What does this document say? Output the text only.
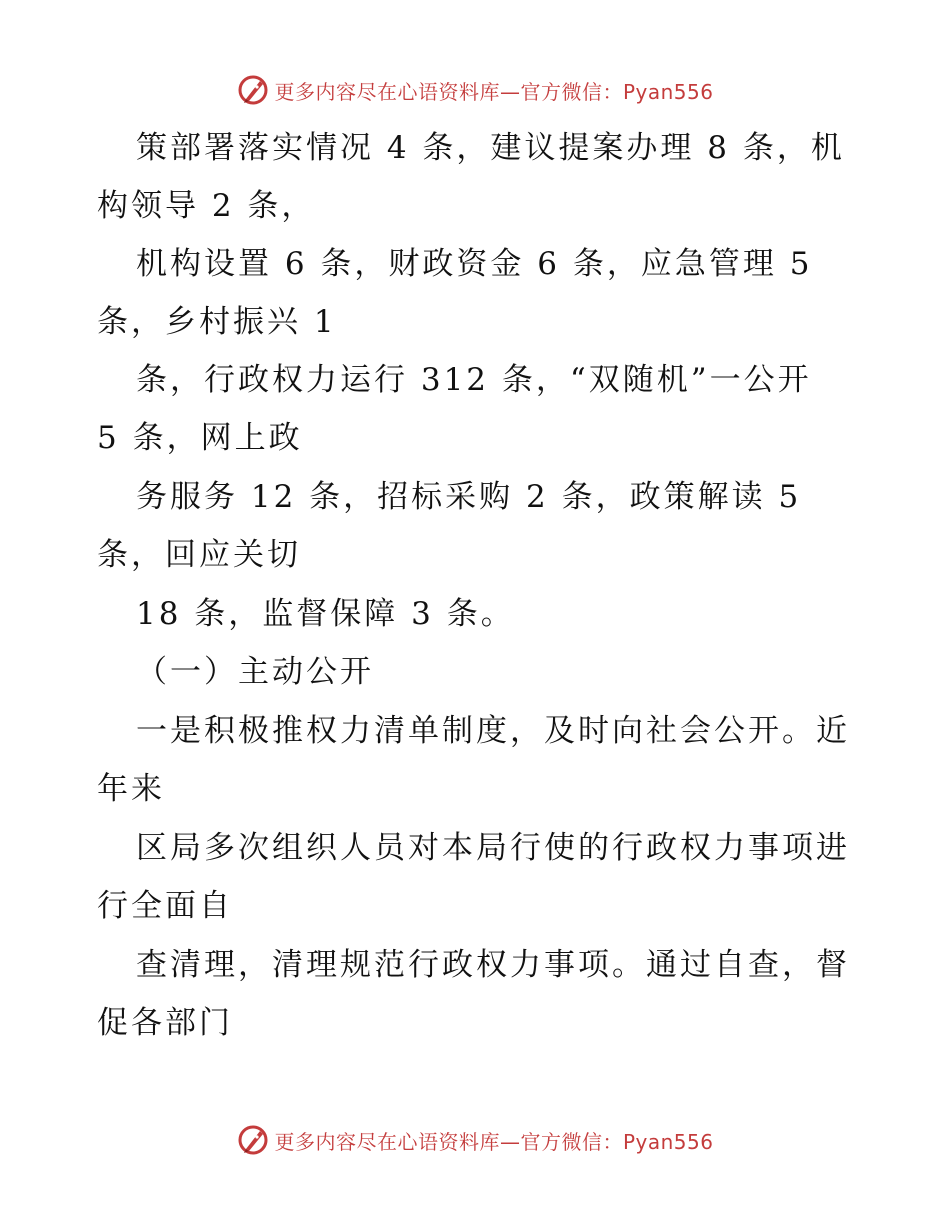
更多内容尽在心语资料库—官方微信：Pyan556
策部署落实情况 4 条，建议提案办理 8 条，机
构领导 2 条，
机构设置 6 条，财政资金 6 条，应急管理 5
条，乡村振兴 1
条，行政权力运行 312 条，“双随机”一公开
5 条，网上政
务服务 12 条，招标采购 2 条，政策解读 5
条，回应关切
18 条，监督保障 3 条。
（一）主动公开
一是积极推权力清单制度，及时向社会公开。近
年来
区局多次组织人员对本局行使的行政权力事项进
行全面自
查清理，清理规范行政权力事项。通过自查，督
促各部门
更多内容尽在心语资料库—官方微信：Pyan556
